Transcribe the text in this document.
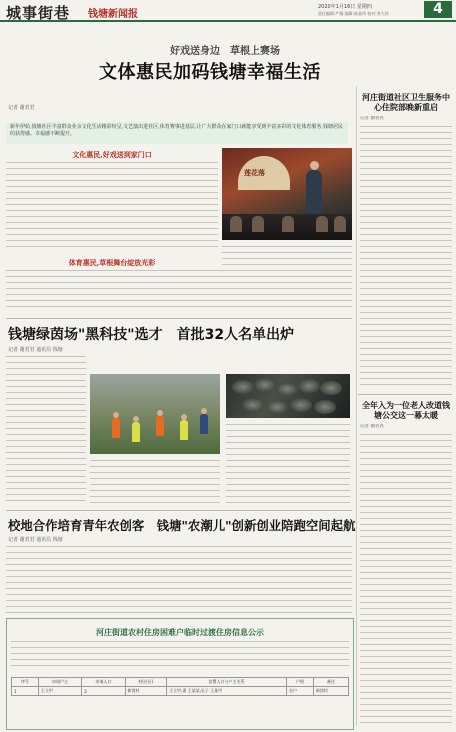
城事街巷 钱塘新闻报
2020年1月16日 星期四
责任编辑:严凝 编辑:陈嘉伟 校对:李大伟	4
好戏送身边　草根上赛场
文体惠民加码钱塘幸福生活
记者 谢君君
新年伊始,钱塘社区丰富群众业余文化生活精彩纷呈,文艺演出进社区,体育赛事进基层,让广大群众在家门口就能享受到丰富多彩的文化体育服务,钱塘居民的获得感、幸福感不断提升。
文化惠民,好戏送到家门口
体育惠民,草根舞台绽放光彩
莲花落
河庄街道社区卫生服务中心住院部晚新重启
记者 谢君君
全年入为一位老人改道钱塘公交这一幕太暖
记者 谢君君
钱塘绿茵场"黑科技"选才　首批32人名单出炉
记者 谢君君 通讯员 钱塘
校地合作培育青年农创客　钱塘"农潮儿"创新创业陪跑空间起航
记者 谢君君 通讯员 钱塘
河庄街道农村住房困难户临时过渡住房信息公示
序号	申请户主	申请人口	村(社区)	安置人口与户主关系	户别	备注
1	王立甲	3	新湾村	王立甲,妻 王某某,长子 王某甲	农户	新湾村
